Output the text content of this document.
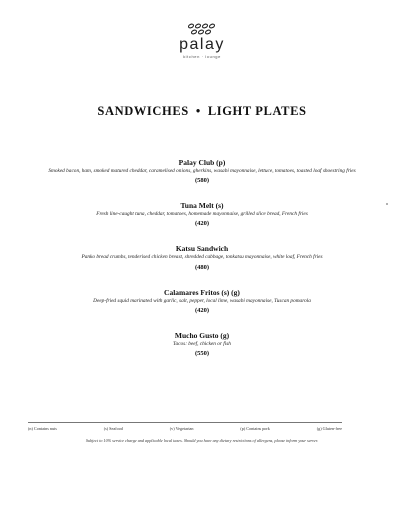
palay
kitchen · lounge
SANDWICHES • LIGHT PLATES
Palay Club (p)
Smoked bacon, ham, smoked matured cheddar, caramelised onions, gherkins, wasabi mayonnaise, lettuce, tomatoes, toasted loaf shoestring fries
(580)
Tuna Melt (s)
Fresh line-caught tuna, cheddar, tomatoes, homemade mayonnaise, grilled slice bread, French fries
(420)
Katsu Sandwich
Panko bread crumbs, tenderised chicken breast, shredded cabbage, tonkatsu mayonnaise, white loaf, French fries
(480)
Calamares Fritos (s) (g)
Deep-fried squid marinated with garlic, salt, pepper, local lime, wasabi mayonnaise, Tuscan pomarola
(420)
Mucho Gusto (g)
Tacos: beef, chicken or fish
(550)
(n) Contains nuts	(s) Seafood	(v) Vegetarian	(p) Contains pork	(g) Gluten-free
Subject to 10% service charge and applicable local taxes. Should you have any dietary restrictions of allergens, please inform your server.
